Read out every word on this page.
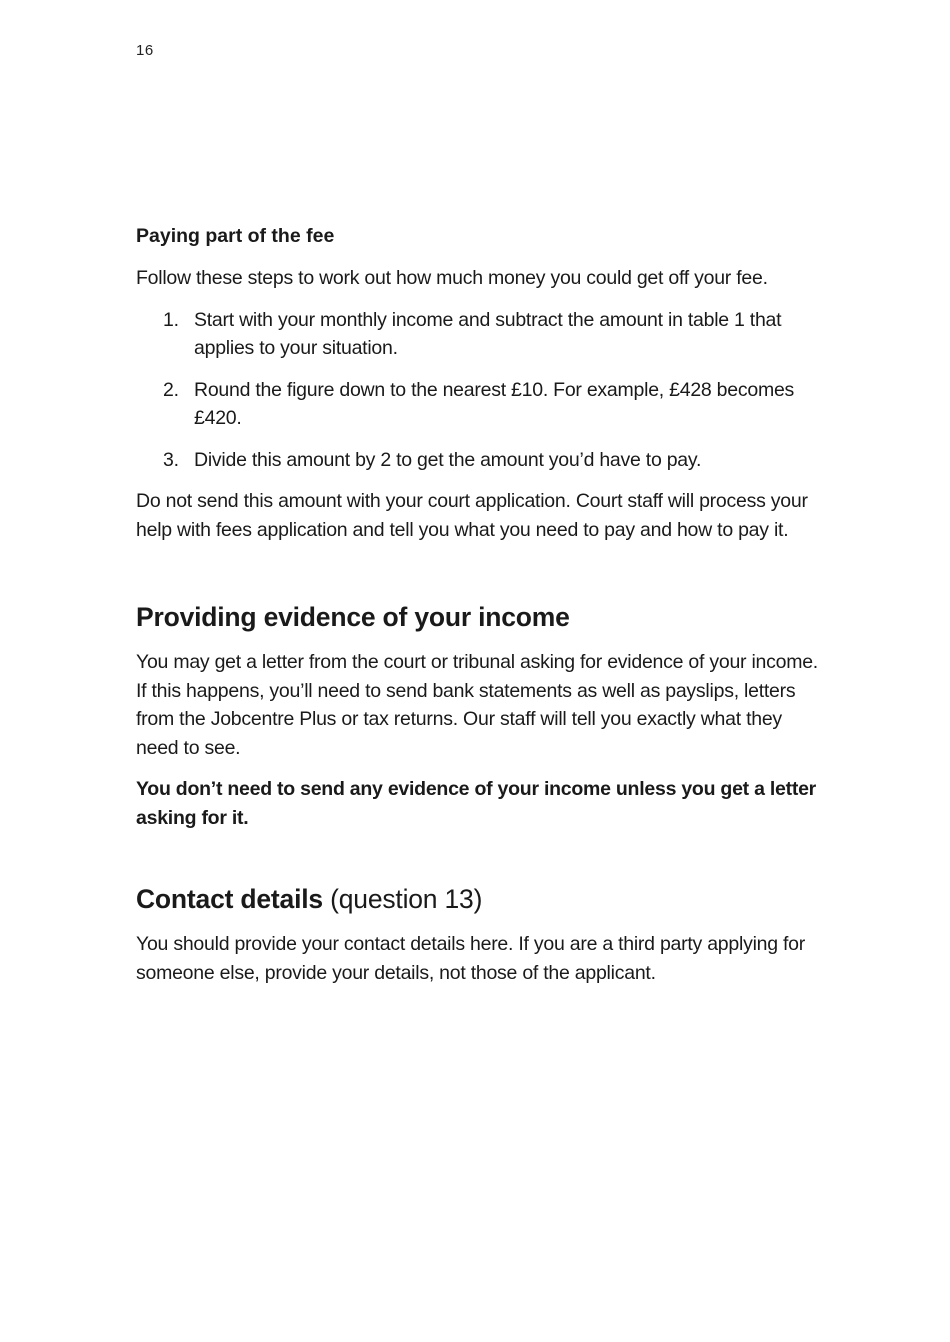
16
Paying part of the fee

Follow these steps to work out how much money you could get off your fee.

1. Start with your monthly income and subtract the amount in table 1 that applies to your situation.
2. Round the figure down to the nearest £10. For example, £428 becomes £420.
3. Divide this amount by 2 to get the amount you’d have to pay.

Do not send this amount with your court application. Court staff will process your help with fees application and tell you what you need to pay and how to pay it.

Providing evidence of your income

You may get a letter from the court or tribunal asking for evidence of your income. If this happens, you’ll need to send bank statements as well as payslips, letters from the Jobcentre Plus or tax returns. Our staff will tell you exactly what they need to see.

You don’t need to send any evidence of your income unless you get a letter asking for it.

Contact details (question 13)

You should provide your contact details here. If you are a third party applying for someone else, provide your details, not those of the applicant.
